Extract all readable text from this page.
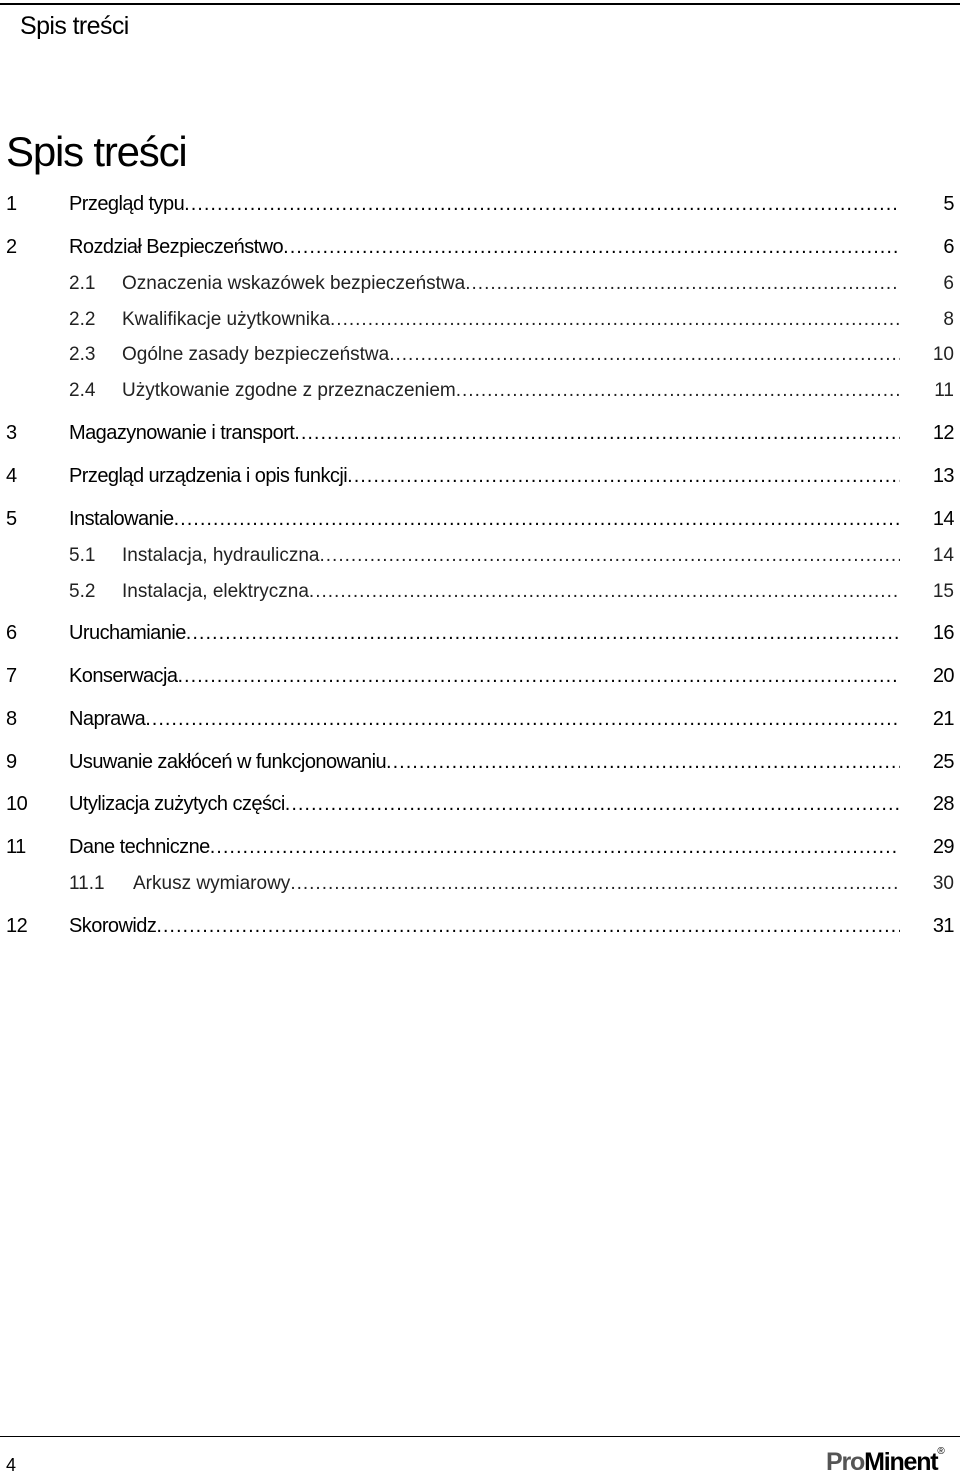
Spis treści
Spis treści
1	Przegląd typu .....	5
2	Rozdział Bezpieczeństwo .....	6
2.1 Oznaczenia wskazówek bezpieczeństwa .....	6
2.2 Kwalifikacje użytkownika .....	8
2.3 Ogólne zasady bezpieczeństwa .....	10
2.4 Użytkowanie zgodne z przeznaczeniem .....	11
3	Magazynowanie i transport .....	12
4	Przegląd urządzenia i opis funkcji .....	13
5	Instalowanie .....	14
5.1 Instalacja, hydrauliczna .....	14
5.2 Instalacja, elektryczna .....	15
6	Uruchamianie .....	16
7	Konserwacja .....	20
8	Naprawa .....	21
9	Usuwanie zakłóceń w funkcjonowaniu .....	25
10 Utylizacja zużytych części .....	28
11 Dane techniczne .....	29
11.1 Arkusz wymiarowy .....	30
12 Skorowidz .....	31
4	ProMinent®
